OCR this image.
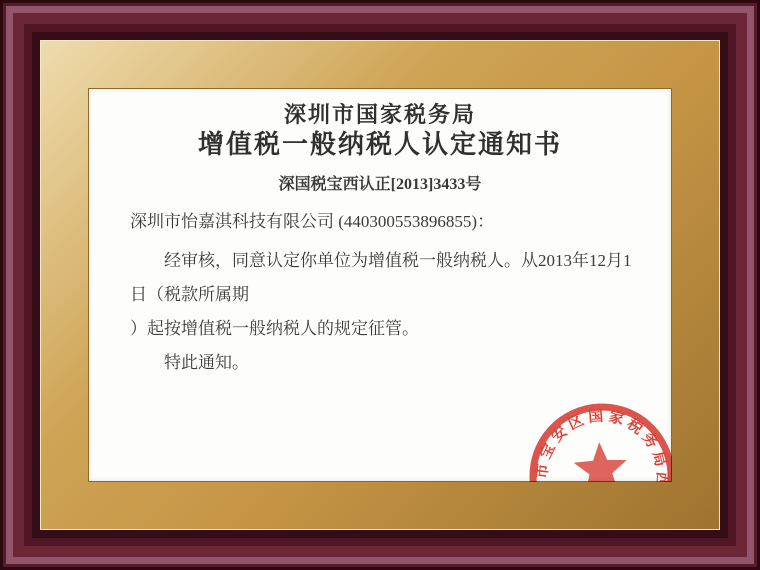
深圳市国家税务局
增值税一般纳税人认定通知书
深国税宝西认正[2013]3433号
深圳市怡嘉淇科技有限公司 (440300553896855)：
经审核，同意认定你单位为增值税一般纳税人。从2013年12月1日（税款所属期
）起按增值税一般纳税人的规定征管。
特此通知。
深圳市宝安区国家税务局西乡税务所
